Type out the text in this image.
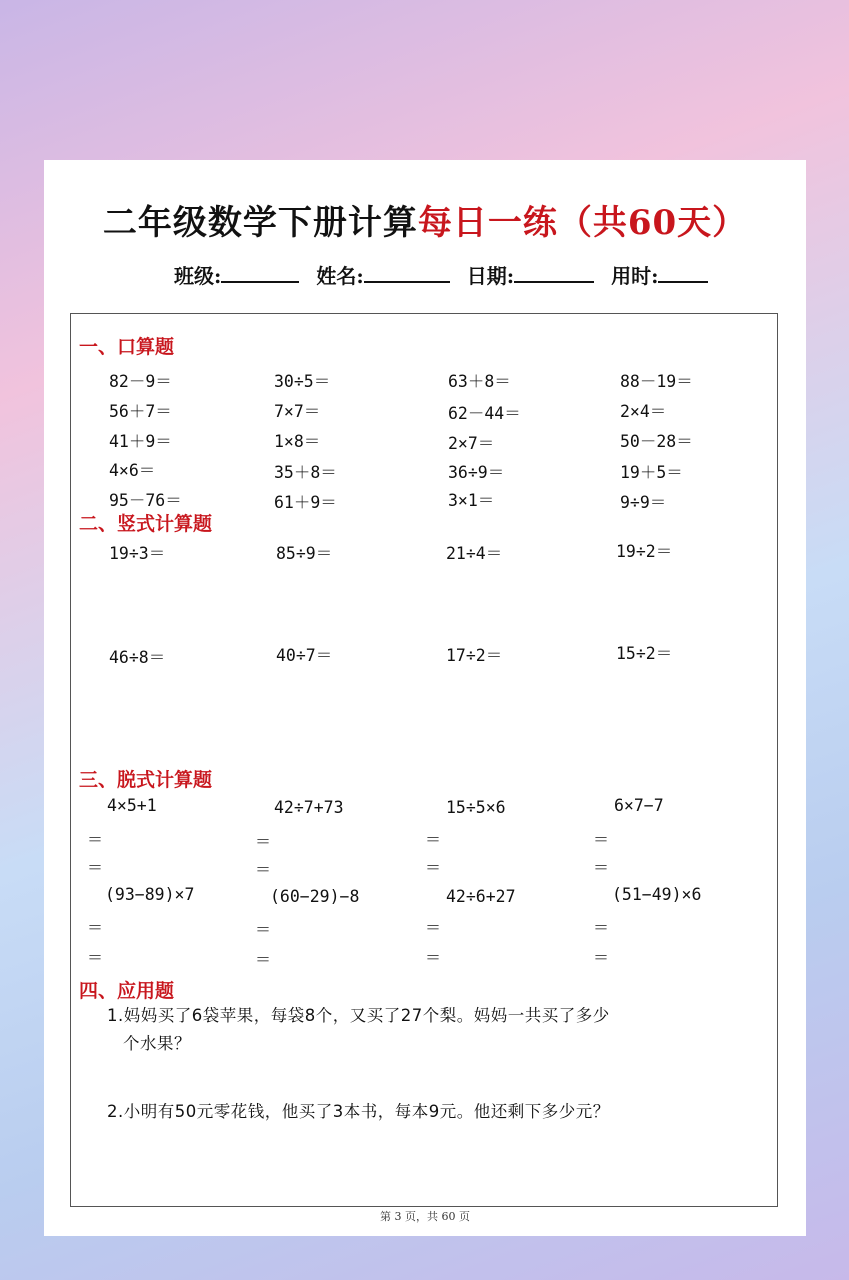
二年级数学下册计算每日一练（共60天）
班级:	姓名:	日期:	用时:
一、口算题
82－9＝	30÷5＝	63＋8＝	88－19＝
56＋7＝	7×7＝	62－44＝	2×4＝
41＋9＝	1×8＝	2×7＝	50－28＝
4×6＝	35＋8＝	36÷9＝	19＋5＝
95－76＝	61＋9＝	3×1＝	9÷9＝
二、竖式计算题
19÷3＝	85÷9＝	21÷4＝	19÷2＝
46÷8＝	40÷7＝	17÷2＝	15÷2＝
三、脱式计算题
4×5+1	42÷7+73	15÷5×6	6×7−7
＝	＝	＝	＝
＝	＝	＝	＝
(93−89)×7	(60−29)−8	42÷6+27	(51−49)×6
＝	＝	＝	＝
＝	＝	＝	＝
四、应用题
1.妈妈买了6袋苹果，每袋8个，又买了27个梨。妈妈一共买了多少
个水果？
2.小明有50元零花钱，他买了3本书，每本9元。他还剩下多少元？
第 3 页，共 60 页
